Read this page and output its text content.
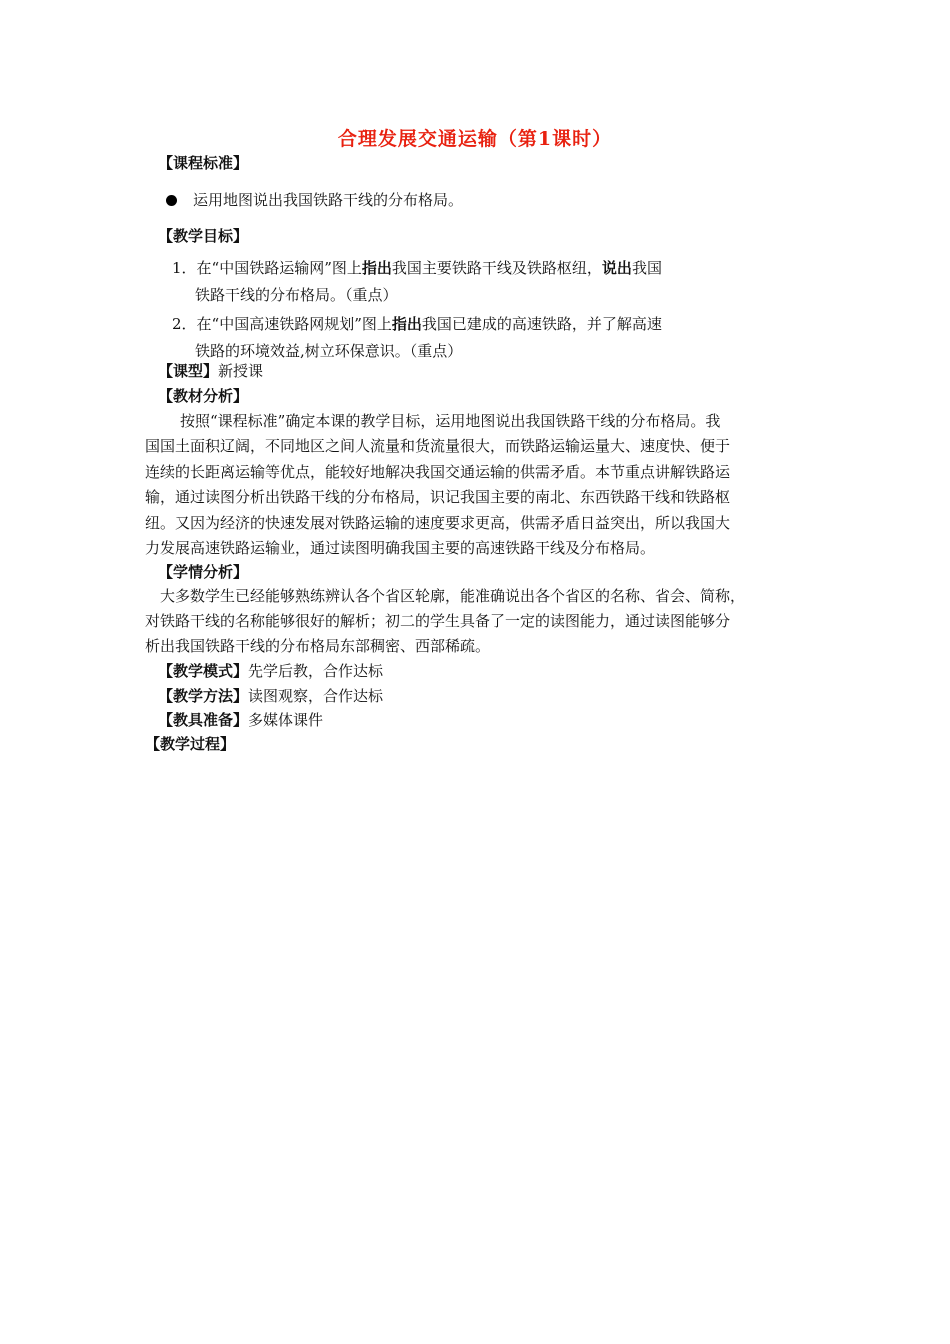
合理发展交通运输（第1课时）
【课程标准】
运用地图说出我国铁路干线的分布格局。
【教学目标】
1．在“中国铁路运输网”图上指出我国主要铁路干线及铁路枢纽，说出我国
铁路干线的分布格局。（重点）
2．在“中国高速铁路网规划”图上指出我国已建成的高速铁路，并了解高速
铁路的环境效益,树立环保意识。（重点）
【课型】新授课
【教材分析】
按照“课程标准”确定本课的教学目标，运用地图说出我国铁路干线的分布格局。我
国国土面积辽阔，不同地区之间人流量和货流量很大，而铁路运输运量大、速度快、便于
连续的长距离运输等优点，能较好地解决我国交通运输的供需矛盾。本节重点讲解铁路运
输，通过读图分析出铁路干线的分布格局，识记我国主要的南北、东西铁路干线和铁路枢
纽。又因为经济的快速发展对铁路运输的速度要求更高，供需矛盾日益突出，所以我国大
力发展高速铁路运输业，通过读图明确我国主要的高速铁路干线及分布格局。
【学情分析】
大多数学生已经能够熟练辨认各个省区轮廓，能准确说出各个省区的名称、省会、简称，
对铁路干线的名称能够很好的解析；初二的学生具备了一定的读图能力，通过读图能够分
析出我国铁路干线的分布格局东部稠密、西部稀疏。
【教学模式】先学后教，合作达标
【教学方法】读图观察，合作达标
【教具准备】多媒体课件
【教学过程】
